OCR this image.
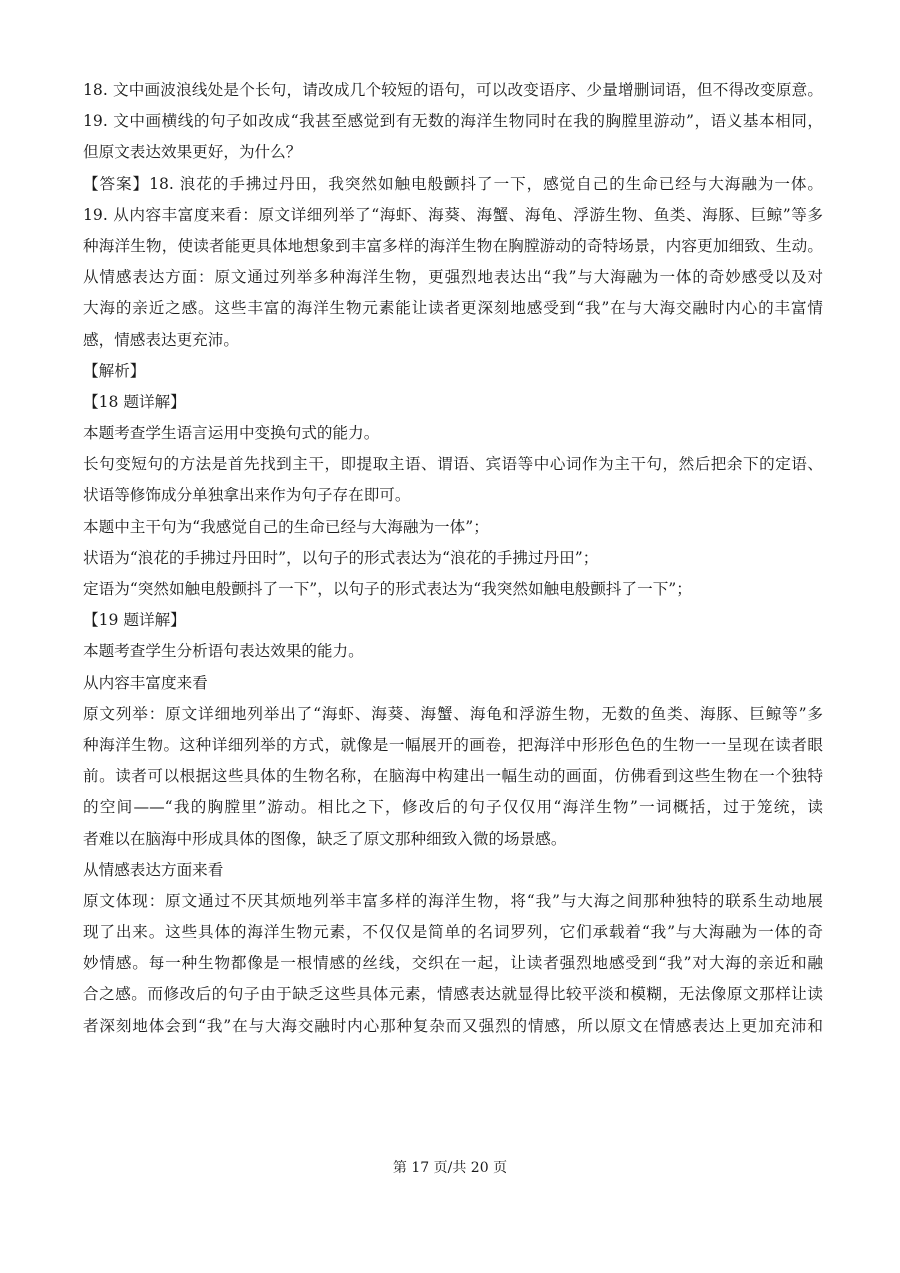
18. 文中画波浪线处是个长句，请改成几个较短的语句，可以改变语序、少量增删词语，但不得改变原意。
19. 文中画横线的句子如改成“我甚至感觉到有无数的海洋生物同时在我的胸膛里游动”，语义基本相同，
但原文表达效果更好，为什么？
【答案】18. 浪花的手拂过丹田，我突然如触电般颤抖了一下，感觉自己的生命已经与大海融为一体。
19. 从内容丰富度来看：原文详细列举了“海虾、海葵、海蟹、海龟、浮游生物、鱼类、海豚、巨鲸”等多
种海洋生物，使读者能更具体地想象到丰富多样的海洋生物在胸膛游动的奇特场景，内容更加细致、生动。
从情感表达方面：原文通过列举多种海洋生物，更强烈地表达出“我”与大海融为一体的奇妙感受以及对
大海的亲近之感。这些丰富的海洋生物元素能让读者更深刻地感受到“我”在与大海交融时内心的丰富情
感，情感表达更充沛。
【解析】
【18 题详解】
本题考查学生语言运用中变换句式的能力。
长句变短句的方法是首先找到主干，即提取主语、谓语、宾语等中心词作为主干句，然后把余下的定语、
状语等修饰成分单独拿出来作为句子存在即可。
本题中主干句为“我感觉自己的生命已经与大海融为一体”；
状语为“浪花的手拂过丹田时”，以句子的形式表达为“浪花的手拂过丹田”；
定语为“突然如触电般颤抖了一下”，以句子的形式表达为“我突然如触电般颤抖了一下”；
【19 题详解】
本题考查学生分析语句表达效果的能力。
从内容丰富度来看
原文列举：原文详细地列举出了“海虾、海葵、海蟹、海龟和浮游生物，无数的鱼类、海豚、巨鲸等”多
种海洋生物。这种详细列举的方式，就像是一幅展开的画卷，把海洋中形形色色的生物一一呈现在读者眼
前。读者可以根据这些具体的生物名称，在脑海中构建出一幅生动的画面，仿佛看到这些生物在一个独特
的空间——“我的胸膛里”游动。相比之下，修改后的句子仅仅用“海洋生物”一词概括，过于笼统，读
者难以在脑海中形成具体的图像，缺乏了原文那种细致入微的场景感。
从情感表达方面来看
原文体现：原文通过不厌其烦地列举丰富多样的海洋生物，将“我”与大海之间那种独特的联系生动地展
现了出来。这些具体的海洋生物元素，不仅仅是简单的名词罗列，它们承载着“我”与大海融为一体的奇
妙情感。每一种生物都像是一根情感的丝线，交织在一起，让读者强烈地感受到“我”对大海的亲近和融
合之感。而修改后的句子由于缺乏这些具体元素，情感表达就显得比较平淡和模糊，无法像原文那样让读
者深刻地体会到“我”在与大海交融时内心那种复杂而又强烈的情感，所以原文在情感表达上更加充沛和
第 17 页/共 20 页
